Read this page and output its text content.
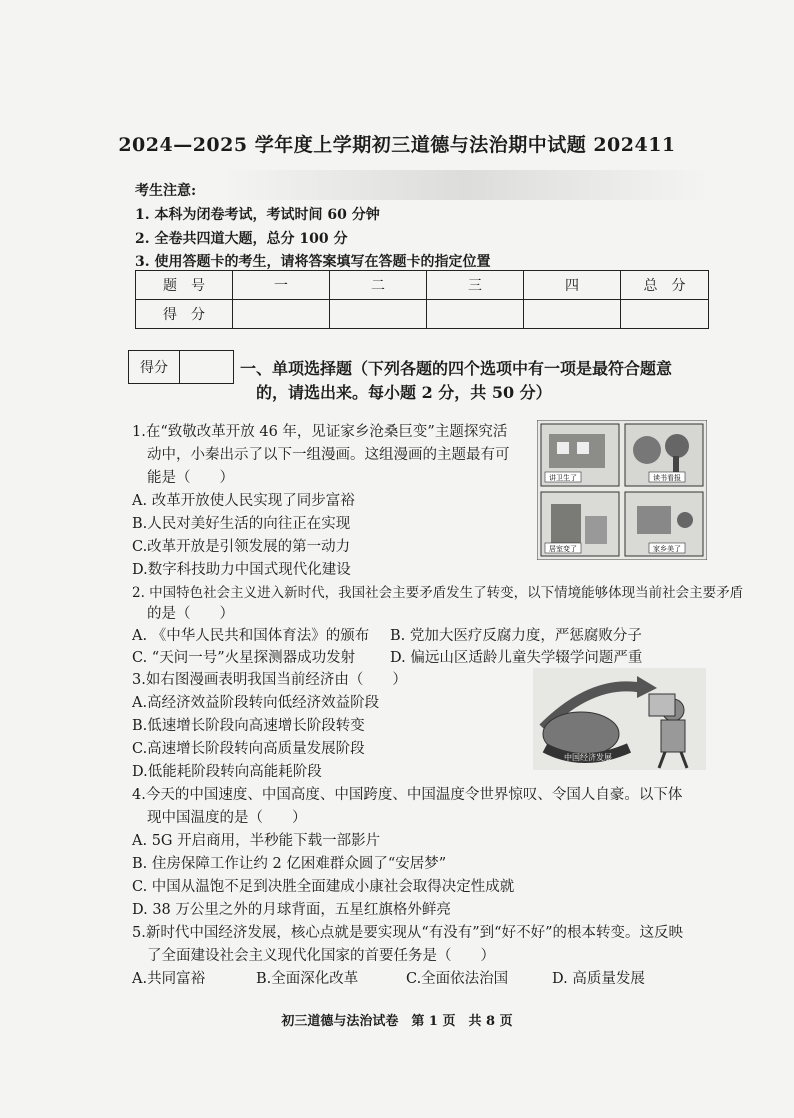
2024—2025 学年度上学期初三道德与法治期中试题 202411
考生注意:
1. 本科为闭卷考试，考试时间 60 分钟
2. 全卷共四道大题，总分 100 分
3. 使用答题卡的考生，请将答案填写在答题卡的指定位置
题　号	一	二	三	四	总　分
得　分					
得分	一、单项选择题（下列各题的四个选项中有一项是最符合题意
的，请选出来。每小题 2 分，共 50 分）
1.在“致敬改革开放 46 年，见证家乡沧桑巨变”主题探究活
动中，小秦出示了以下一组漫画。这组漫画的主题最有可
能是（　　）
A. 改革开放使人民实现了同步富裕
B.人民对美好生活的向往正在实现
C.改革开放是引领发展的第一动力
D.数字科技助力中国式现代化建设
讲卫生了	读书看报
居室变了	家乡美了
2. 中国特色社会主义进入新时代，我国社会主要矛盾发生了转变，以下情境能够体现当前社会主要矛盾
的是（　　）
A. 《中华人民共和国体育法》的颁布 B. 党加大医疗反腐力度，严惩腐败分子
C. “天问一号”火星探测器成功发射 D. 偏远山区适龄儿童失学辍学问题严重
3.如右图漫画表明我国当前经济由（　　）
A.高经济效益阶段转向低经济效益阶段
B.低速增长阶段向高速增长阶段转变
C.高速增长阶段转向高质量发展阶段
D.低能耗阶段转向高能耗阶段
中国经济发展
4.今天的中国速度、中国高度、中国跨度、中国温度令世界惊叹、令国人自豪。以下体
现中国温度的是（　　）
A. 5G 开启商用，半秒能下载一部影片
B. 住房保障工作让约 2 亿困难群众圆了“安居梦”
C. 中国从温饱不足到决胜全面建成小康社会取得决定性成就
D. 38 万公里之外的月球背面，五星红旗格外鲜亮
5.新时代中国经济发展，核心点就是要实现从“有没有”到“好不好”的根本转变。这反映
了全面建设社会主义现代化国家的首要任务是（　　）
A.共同富裕	B.全面深化改革	C.全面依法治国	D. 高质量发展
初三道德与法治试卷　第 1 页　共 8 页
